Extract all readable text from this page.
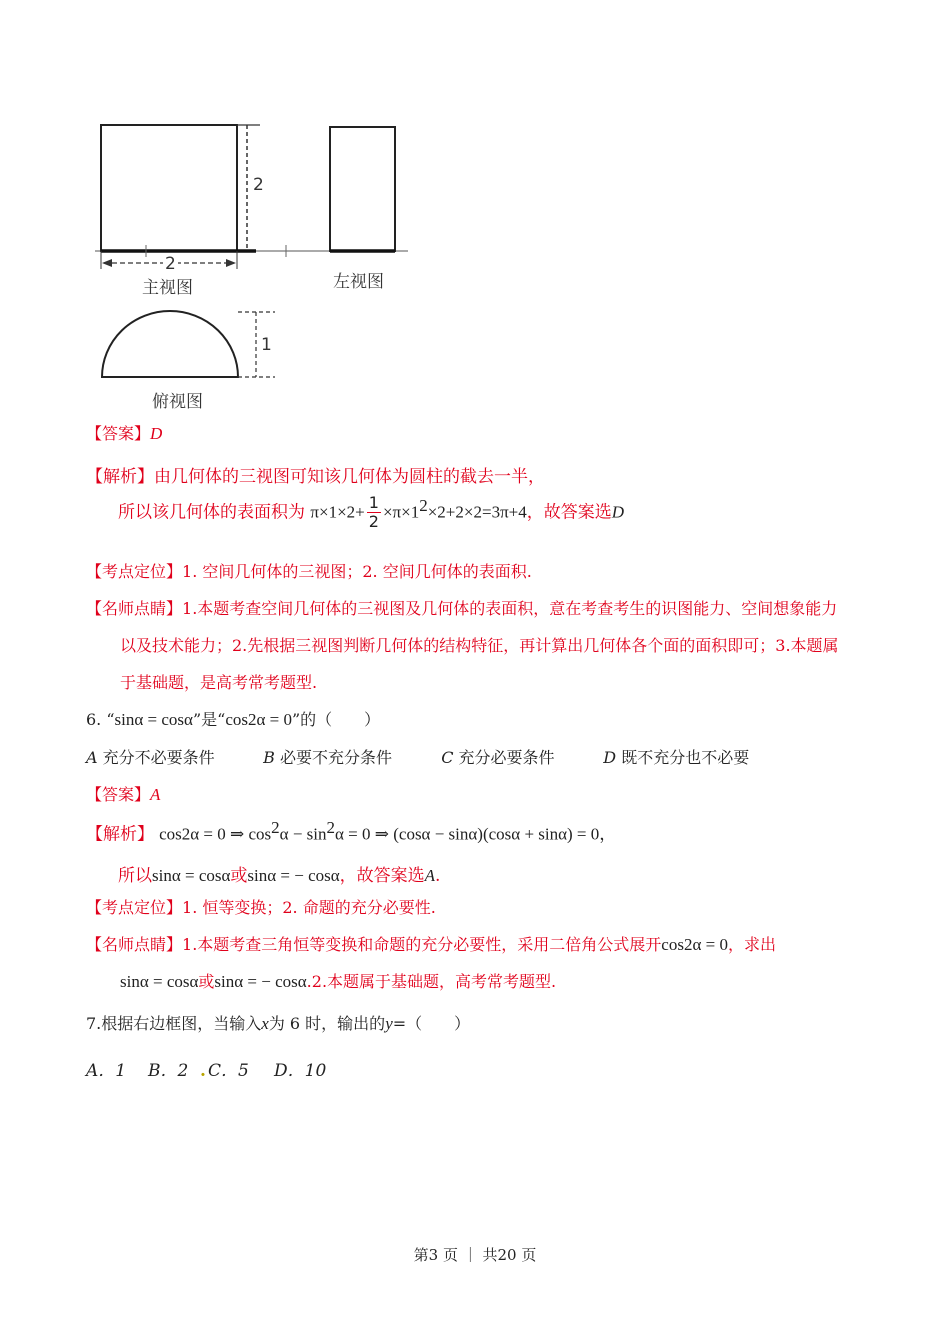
2
2
1
主视图	左视图
俯视图
【答案】D
【解析】由几何体的三视图可知该几何体为圆柱的截去一半，
所以该几何体的表面积为 $\pi\times 1\times 2+ \frac{1}{2} \times\pi\times 1^2\times 2+2\times 2=3\pi+4$，故答案选D
【考点定位】1. 空间几何体的三视图；2. 空间几何体的表面积.
【名师点睛】1.本题考查空间几何体的三视图及几何体的表面积，意在考查考生的识图能力、空间想象能力
以及技术能力；2.先根据三视图判断几何体的结构特征，再计算出几何体各个面的面积即可；3.本题属
于基础题，是高考常考题型.
6. “sinα = cosα”是“cos2α = 0”的（　　）
A 充分不必要条件	B 必要不充分条件	C 充分必要条件	D 既不充分也不必要
【答案】A
【解析】 cos2α = 0 ⇒ $\cos^2\alpha - \sin^2\alpha = 0$ ⇒ (cosα − sinα)(cosα + sinα) = 0，
所以sinα = cosα或sinα = − cosα，故答案选A.
【考点定位】1. 恒等变换；2. 命题的充分必要性.
【名师点睛】1.本题考查三角恒等变换和命题的充分必要性，采用二倍角公式展开cos2α = 0，求出
sinα = cosα或sinα = − cosα.2.本题属于基础题，高考常考题型.
7.根据右边框图，当输入x为 6 时，输出的y=（　　）
A．1 B．2 . C．5 D．10
第3 页 ｜ 共20 页
